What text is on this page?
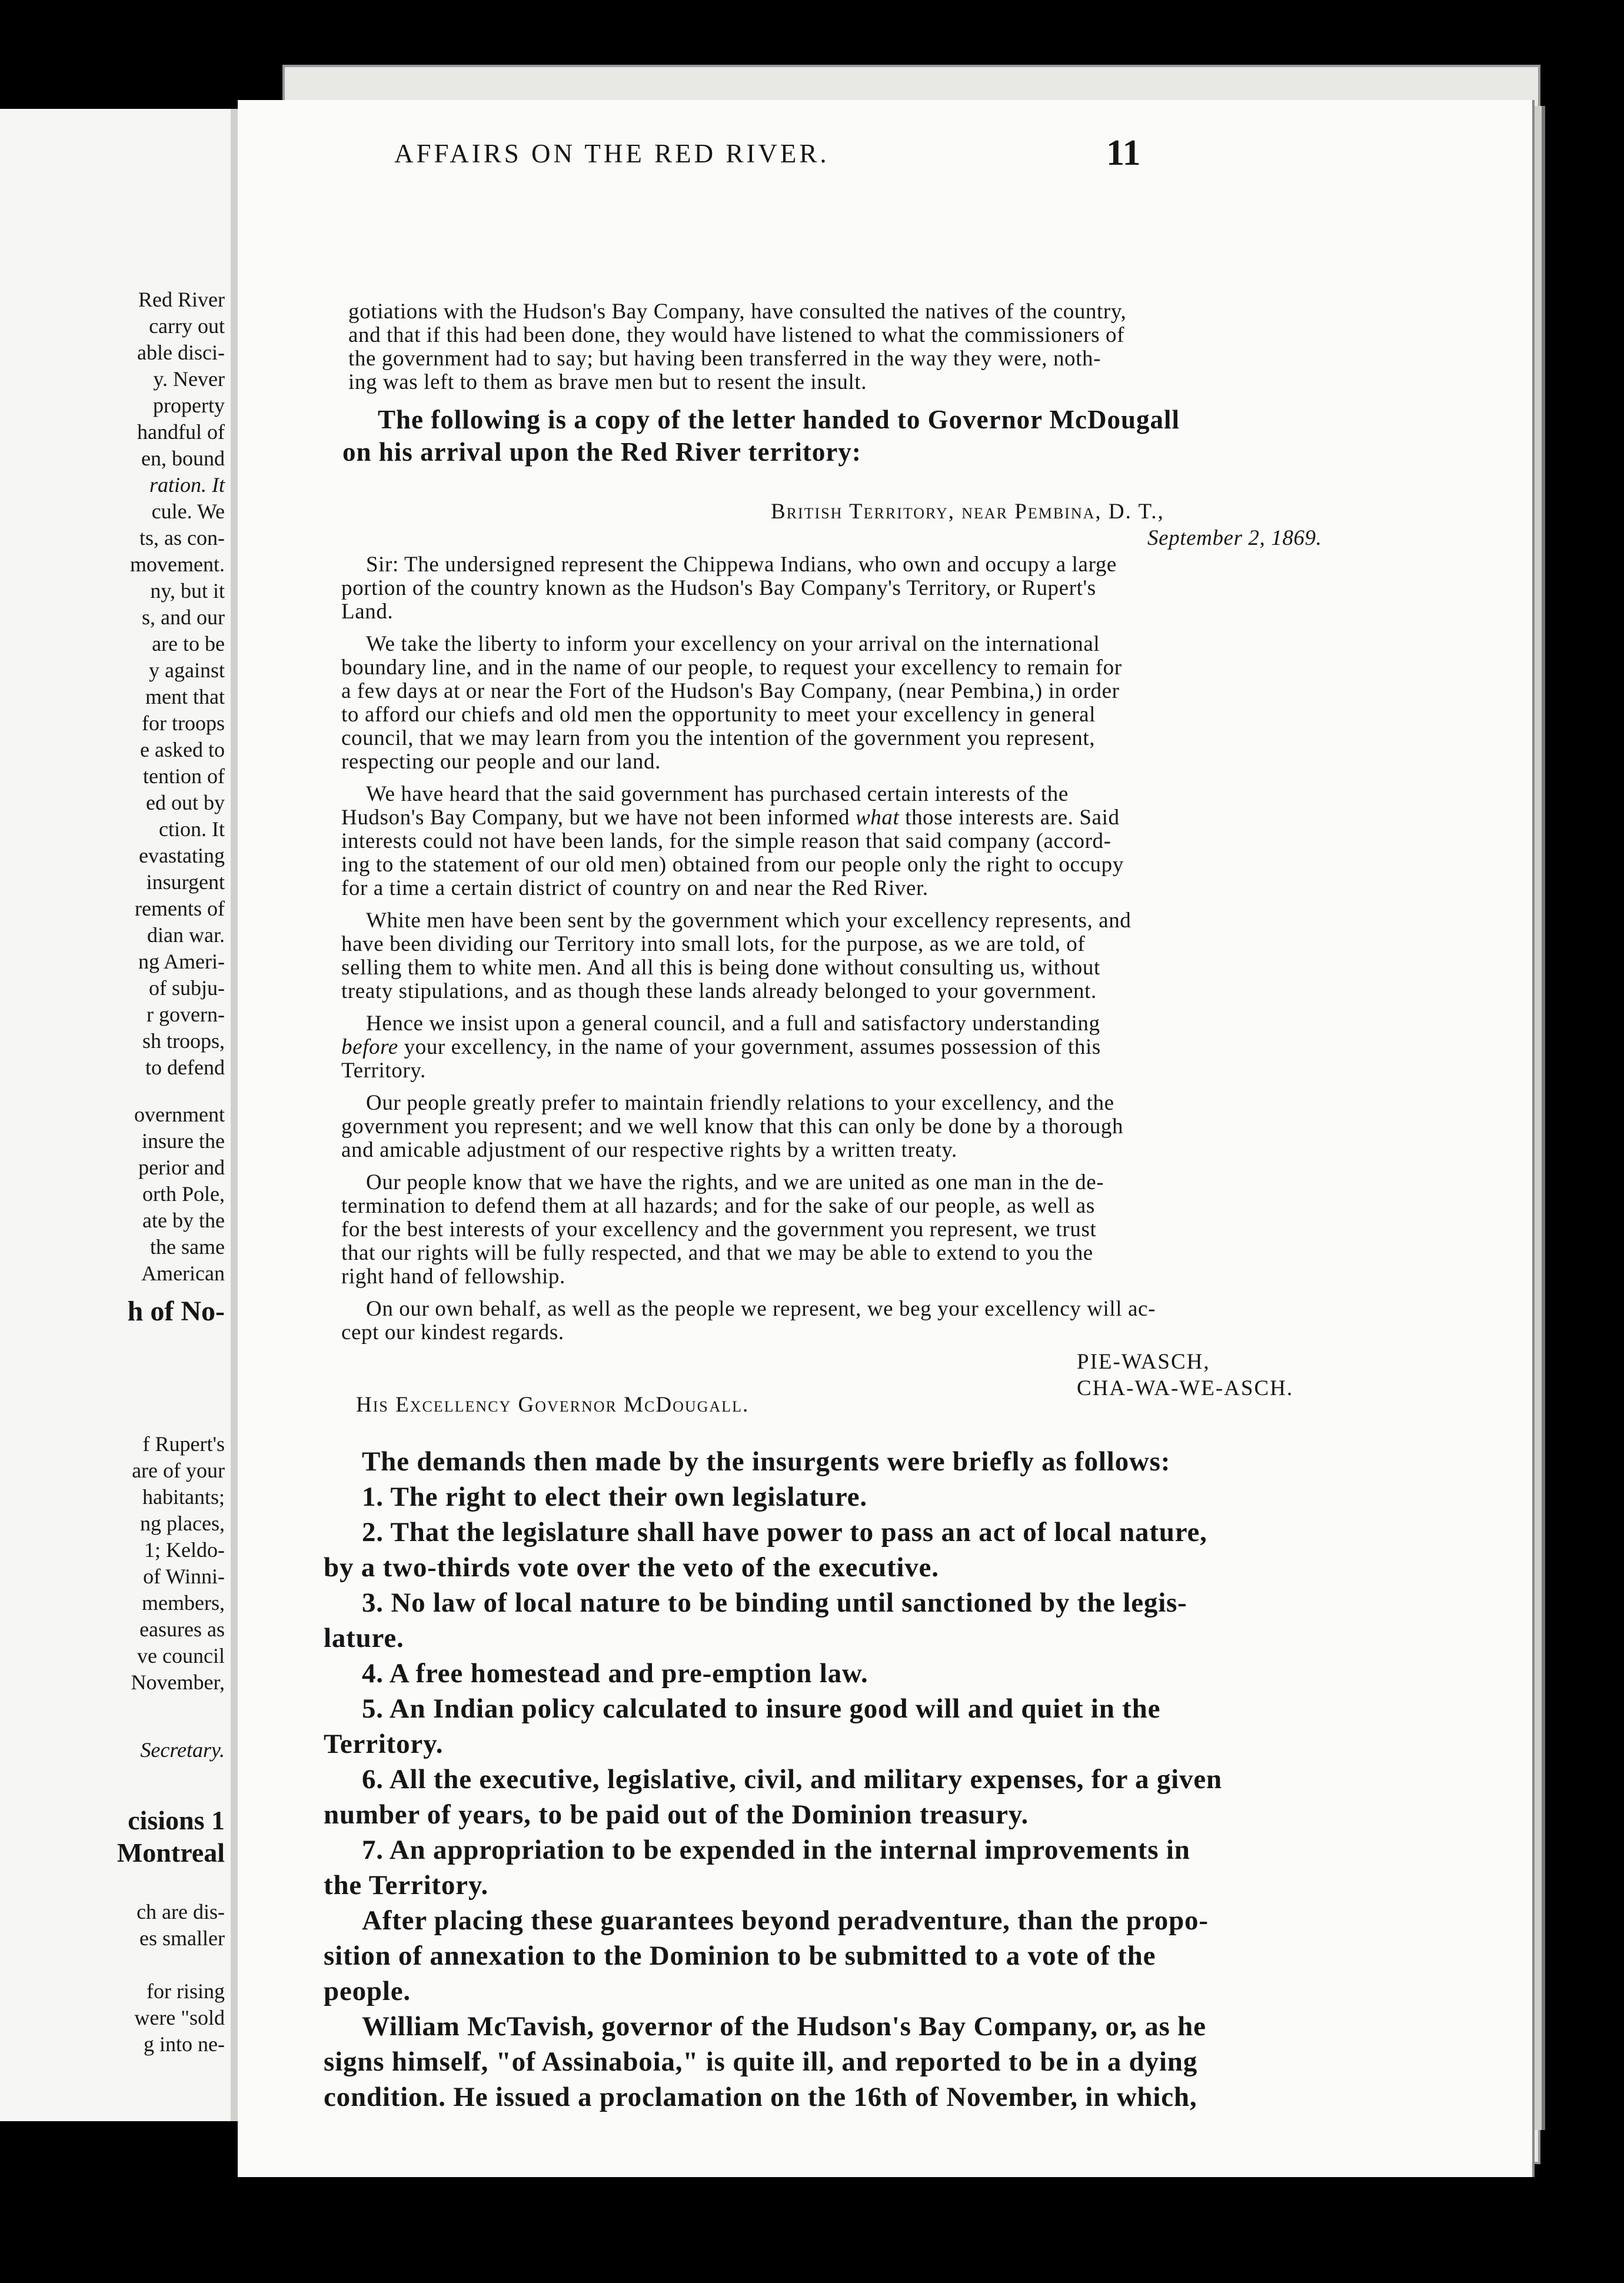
Red River
carry out
able disci-
y. Never
property
handful of
en, bound
ration. It
cule. We
ts, as con-
movement.
ny, but it
s, and our
are to be
y against
ment that
for troops
e asked to
tention of
ed out by
ction. It
evastating
insurgent
rements of
dian war.
ng Ameri-
of subju-
r govern-
sh troops,
to defend
overnment
insure the
perior and
orth Pole,
ate by the
the same
American
h of No-
f Rupert's
are of your
habitants;
ng places,
1; Keldo-
of Winni-
members,
easures as
ve council
November,
Secretary.
cisions 1
Montreal
ch are dis-
es smaller
for rising
were "sold
g into ne-
AFFAIRS ON THE RED RIVER.	11
gotiations with the Hudson's Bay Company, have consulted the natives of the country,
and that if this had been done, they would have listened to what the commissioners of
the government had to say; but having been transferred in the way they were, noth-
ing was left to them as brave men but to resent the insult.
The following is a copy of the letter handed to Governor McDougall
on his arrival upon the Red River territory:
British Territory, near Pembina, D. T.,
September 2, 1869.
Sir: The undersigned represent the Chippewa Indians, who own and occupy a large
portion of the country known as the Hudson's Bay Company's Territory, or Rupert's
Land.
We take the liberty to inform your excellency on your arrival on the international
boundary line, and in the name of our people, to request your excellency to remain for
a few days at or near the Fort of the Hudson's Bay Company, (near Pembina,) in order
to afford our chiefs and old men the opportunity to meet your excellency in general
council, that we may learn from you the intention of the government you represent,
respecting our people and our land.
We have heard that the said government has purchased certain interests of the
Hudson's Bay Company, but we have not been informed what those interests are. Said
interests could not have been lands, for the simple reason that said company (accord-
ing to the statement of our old men) obtained from our people only the right to occupy
for a time a certain district of country on and near the Red River.
White men have been sent by the government which your excellency represents, and
have been dividing our Territory into small lots, for the purpose, as we are told, of
selling them to white men. And all this is being done without consulting us, without
treaty stipulations, and as though these lands already belonged to your government.
Hence we insist upon a general council, and a full and satisfactory understanding
before your excellency, in the name of your government, assumes possession of this
Territory.
Our people greatly prefer to maintain friendly relations to your excellency, and the
government you represent; and we well know that this can only be done by a thorough
and amicable adjustment of our respective rights by a written treaty.
Our people know that we have the rights, and we are united as one man in the de-
termination to defend them at all hazards; and for the sake of our people, as well as
for the best interests of your excellency and the government you represent, we trust
that our rights will be fully respected, and that we may be able to extend to you the
right hand of fellowship.
On our own behalf, as well as the people we represent, we beg your excellency will ac-
cept our kindest regards.
PIE-WASCH,
CHA-WA-WE-ASCH.
His Excellency Governor McDougall.
The demands then made by the insurgents were briefly as follows:
1. The right to elect their own legislature.
2. That the legislature shall have power to pass an act of local nature,
by a two-thirds vote over the veto of the executive.
3. No law of local nature to be binding until sanctioned by the legis-
lature.
4. A free homestead and pre-emption law.
5. An Indian policy calculated to insure good will and quiet in the
Territory.
6. All the executive, legislative, civil, and military expenses, for a given
number of years, to be paid out of the Dominion treasury.
7. An appropriation to be expended in the internal improvements in
the Territory.
After placing these guarantees beyond peradventure, than the propo-
sition of annexation to the Dominion to be submitted to a vote of the
people.
William McTavish, governor of the Hudson's Bay Company, or, as he
signs himself, "of Assinaboia," is quite ill, and reported to be in a dying
condition. He issued a proclamation on the 16th of November, in which,
